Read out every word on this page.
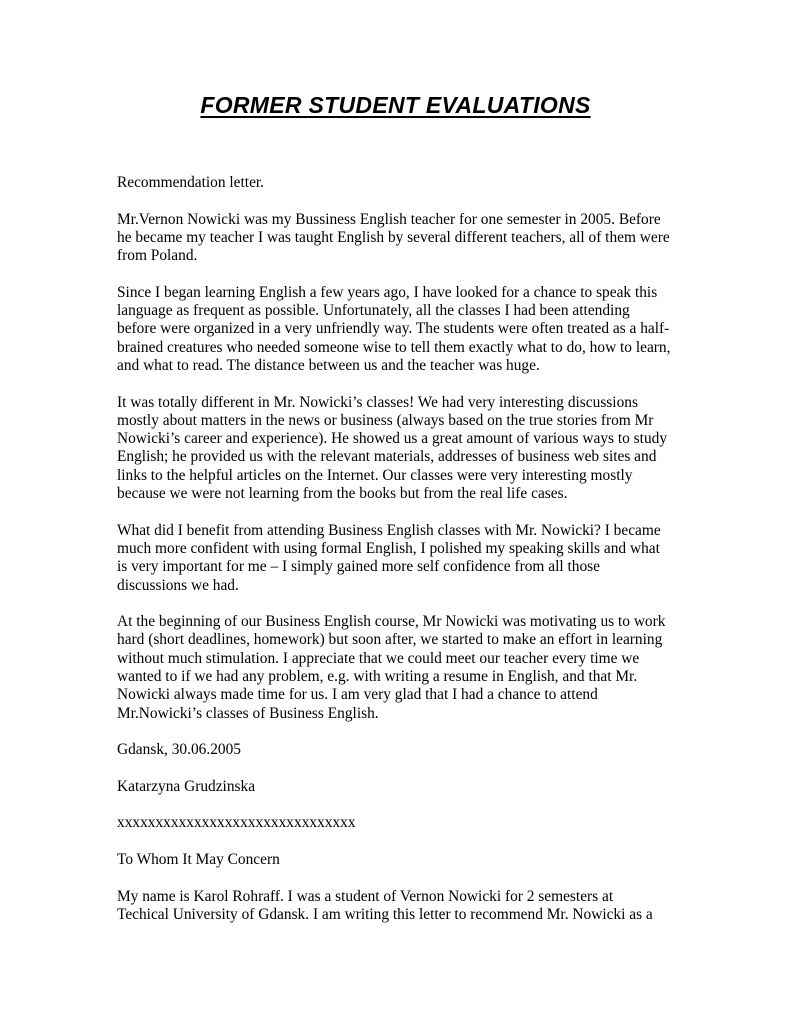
FORMER STUDENT EVALUATIONS

Recommendation letter.

Mr.Vernon Nowicki was my Bussiness English teacher for one semester in 2005. Before
he became my teacher I was taught English by several different teachers, all of them were
from Poland.

Since I began learning English a few years ago, I have looked for a chance to speak this
language as frequent as possible. Unfortunately, all the classes I had been attending
before were organized in a very unfriendly way. The students were often treated as a half-
brained creatures who needed someone wise to tell them exactly what to do, how to learn,
and what to read. The distance between us and the teacher was huge.

It was totally different in Mr. Nowicki’s classes! We had very interesting discussions
mostly about matters in the news or business (always based on the true stories from Mr
Nowicki’s career and experience). He showed us a great amount of various ways to study
English; he provided us with the relevant materials, addresses of business web sites and
links to the helpful articles on the Internet. Our classes were very interesting mostly
because we were not learning from the books but from the real life cases.

What did I benefit from attending Business English classes with Mr. Nowicki? I became
much more confident with using formal English, I polished my speaking skills and what
is very important for me – I simply gained more self confidence from all those
discussions we had.

At the beginning of our Business English course, Mr Nowicki was motivating us to work
hard (short deadlines, homework) but soon after, we started to make an effort in learning
without much stimulation. I appreciate that we could meet our teacher every time we
wanted to if we had any problem, e.g. with writing a resume in English, and that Mr.
Nowicki always made time for us. I am very glad that I had a chance to attend
Mr.Nowicki’s classes of Business English.

Gdansk, 30.06.2005

Katarzyna Grudzinska

xxxxxxxxxxxxxxxxxxxxxxxxxxxxxxx

To Whom It May Concern

My name is Karol Rohraff. I was a student of Vernon Nowicki for 2 semesters at
Techical University of Gdansk. I am writing this letter to recommend Mr. Nowicki as a
